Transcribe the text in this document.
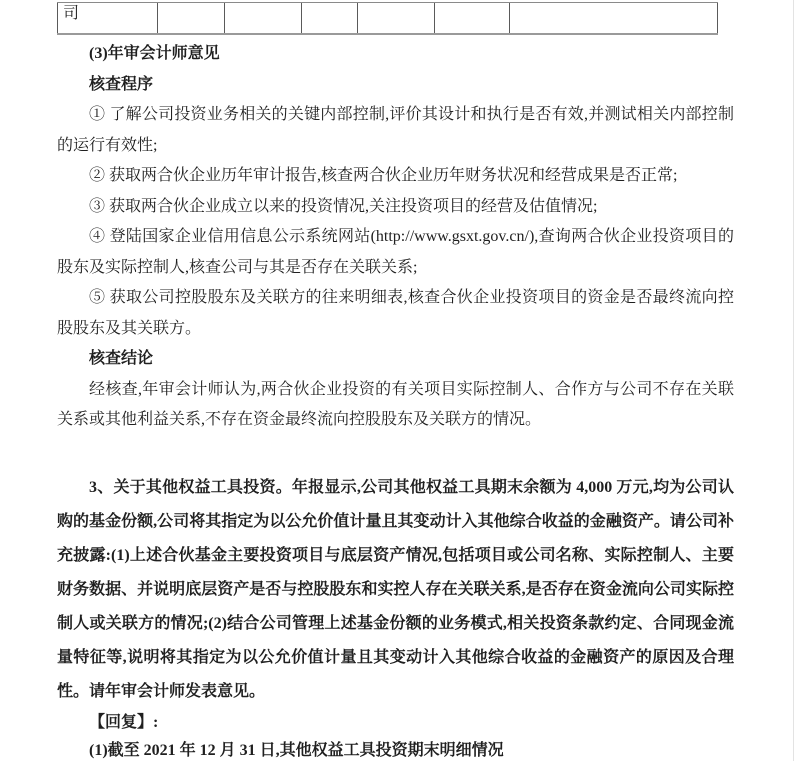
司

(3)年审会计师意见

核查程序

① 了解公司投资业务相关的关键内部控制,评价其设计和执行是否有效,并测试相关内部控制的运行有效性;

② 获取两合伙企业历年审计报告,核查两合伙企业历年财务状况和经营成果是否正常;

③ 获取两合伙企业成立以来的投资情况,关注投资项目的经营及估值情况;

④ 登陆国家企业信用信息公示系统网站(http://www.gsxt.gov.cn/),查询两合伙企业投资项目的股东及实际控制人,核查公司与其是否存在关联关系;

⑤ 获取公司控股股东及关联方的往来明细表,核查合伙企业投资项目的资金是否最终流向控股股东及其关联方。

核查结论

经核查,年审会计师认为,两合伙企业投资的有关项目实际控制人、合作方与公司不存在关联关系或其他利益关系,不存在资金最终流向控股股东及关联方的情况。

3、关于其他权益工具投资。年报显示,公司其他权益工具期末余额为 4,000 万元,均为公司认购的基金份额,公司将其指定为以公允价值计量且其变动计入其他综合收益的金融资产。请公司补充披露:(1)上述合伙基金主要投资项目与底层资产情况,包括项目或公司名称、实际控制人、主要财务数据、并说明底层资产是否与控股股东和实控人存在关联关系,是否存在资金流向公司实际控制人或关联方的情况;(2)结合公司管理上述基金份额的业务模式,相关投资条款约定、合同现金流量特征等,说明将其指定为以公允价值计量且其变动计入其他综合收益的金融资产的原因及合理性。请年审会计师发表意见。

【回复】:

(1)截至 2021 年 12 月 31 日,其他权益工具投资期末明细情况
